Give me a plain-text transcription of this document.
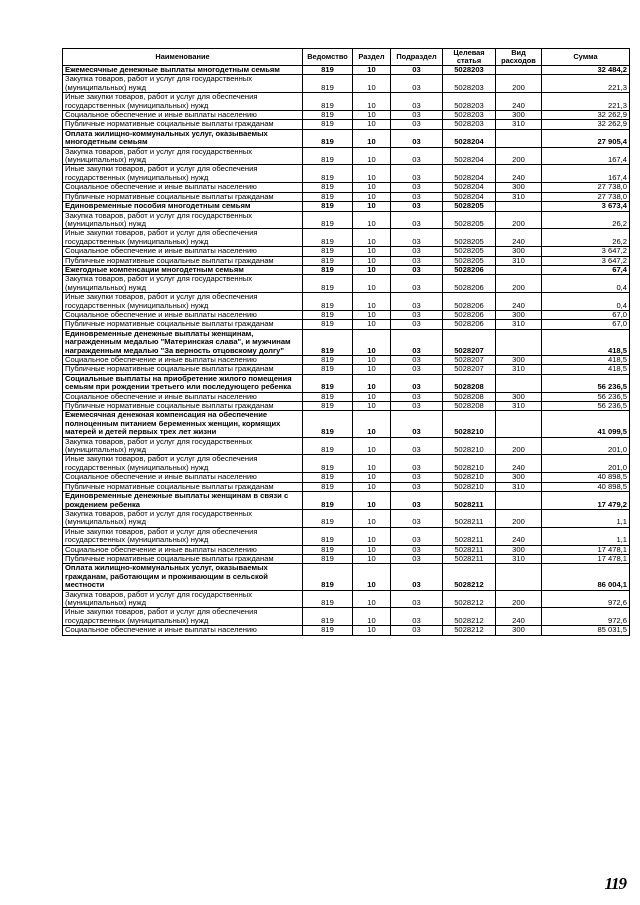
Наименование	Ведомство	Раздел	Подраздел	Целевая статья	Вид расходов	Сумма
Ежемесячные денежные выплаты многодетным семьям	819	10	03	5028203		32 484,2
Закупка товаров, работ и услуг для государственных (муниципальных) нужд	819	10	03	5028203	200	221,3
Иные закупки товаров, работ и услуг для обеспечения государственных (муниципальных) нужд	819	10	03	5028203	240	221,3
Социальное обеспечение и иные выплаты населению	819	10	03	5028203	300	32 262,9
Публичные нормативные социальные выплаты гражданам	819	10	03	5028203	310	32 262,9
Оплата жилищно-коммунальных услуг, оказываемых многодетным семьям	819	10	03	5028204		27 905,4
Закупка товаров, работ и услуг для государственных (муниципальных) нужд	819	10	03	5028204	200	167,4
Иные закупки товаров, работ и услуг для обеспечения государственных (муниципальных) нужд	819	10	03	5028204	240	167,4
Социальное обеспечение и иные выплаты населению	819	10	03	5028204	300	27 738,0
Публичные нормативные социальные выплаты гражданам	819	10	03	5028204	310	27 738,0
Единовременные пособия многодетным семьям	819	10	03	5028205		3 673,4
Закупка товаров, работ и услуг для государственных (муниципальных) нужд	819	10	03	5028205	200	26,2
Иные закупки товаров, работ и услуг для обеспечения государственных (муниципальных) нужд	819	10	03	5028205	240	26,2
Социальное обеспечение и иные выплаты населению	819	10	03	5028205	300	3 647,2
Публичные нормативные социальные выплаты гражданам	819	10	03	5028205	310	3 647,2
Ежегодные компенсации многодетным семьям	819	10	03	5028206		67,4
Закупка товаров, работ и услуг для государственных (муниципальных) нужд	819	10	03	5028206	200	0,4
Иные закупки товаров, работ и услуг для обеспечения государственных (муниципальных) нужд	819	10	03	5028206	240	0,4
Социальное обеспечение и иные выплаты населению	819	10	03	5028206	300	67,0
Публичные нормативные социальные выплаты гражданам	819	10	03	5028206	310	67,0
Единовременные денежные выплаты женщинам, награжденным медалью "Материнская слава", и мужчинам награжденным медалью "За верность отцовскому долгу"	819	10	03	5028207		418,5
Социальное обеспечение и иные выплаты населению	819	10	03	5028207	300	418,5
Публичные нормативные социальные выплаты гражданам	819	10	03	5028207	310	418,5
Социальные выплаты на приобретение жилого помещения семьям при рождении третьего или последующего ребенка	819	10	03	5028208		56 236,5
Социальное обеспечение и иные выплаты населению	819	10	03	5028208	300	56 236,5
Публичные нормативные социальные выплаты гражданам	819	10	03	5028208	310	56 236,5
Ежемесячная денежная компенсация на обеспечение полноценным питанием беременных женщин, кормящих матерей и детей первых трех лет жизни	819	10	03	5028210		41 099,5
Закупка товаров, работ и услуг для государственных (муниципальных) нужд	819	10	03	5028210	200	201,0
Иные закупки товаров, работ и услуг для обеспечения государственных (муниципальных) нужд	819	10	03	5028210	240	201,0
Социальное обеспечение и иные выплаты населению	819	10	03	5028210	300	40 898,5
Публичные нормативные социальные выплаты гражданам	819	10	03	5028210	310	40 898,5
Единовременные денежные выплаты женщинам в связи с рождением ребенка	819	10	03	5028211		17 479,2
Закупка товаров, работ и услуг для государственных (муниципальных) нужд	819	10	03	5028211	200	1,1
Иные закупки товаров, работ и услуг для обеспечения государственных (муниципальных) нужд	819	10	03	5028211	240	1,1
Социальное обеспечение и иные выплаты населению	819	10	03	5028211	300	17 478,1
Публичные нормативные социальные выплаты гражданам	819	10	03	5028211	310	17 478,1
Оплата жилищно-коммунальных услуг, оказываемых гражданам, работающим и проживающим в сельской местности	819	10	03	5028212		86 004,1
Закупка товаров, работ и услуг для государственных (муниципальных) нужд	819	10	03	5028212	200	972,6
Иные закупки товаров, работ и услуг для обеспечения государственных (муниципальных) нужд	819	10	03	5028212	240	972,6
Социальное обеспечение и иные выплаты населению	819	10	03	5028212	300	85 031,5
119
